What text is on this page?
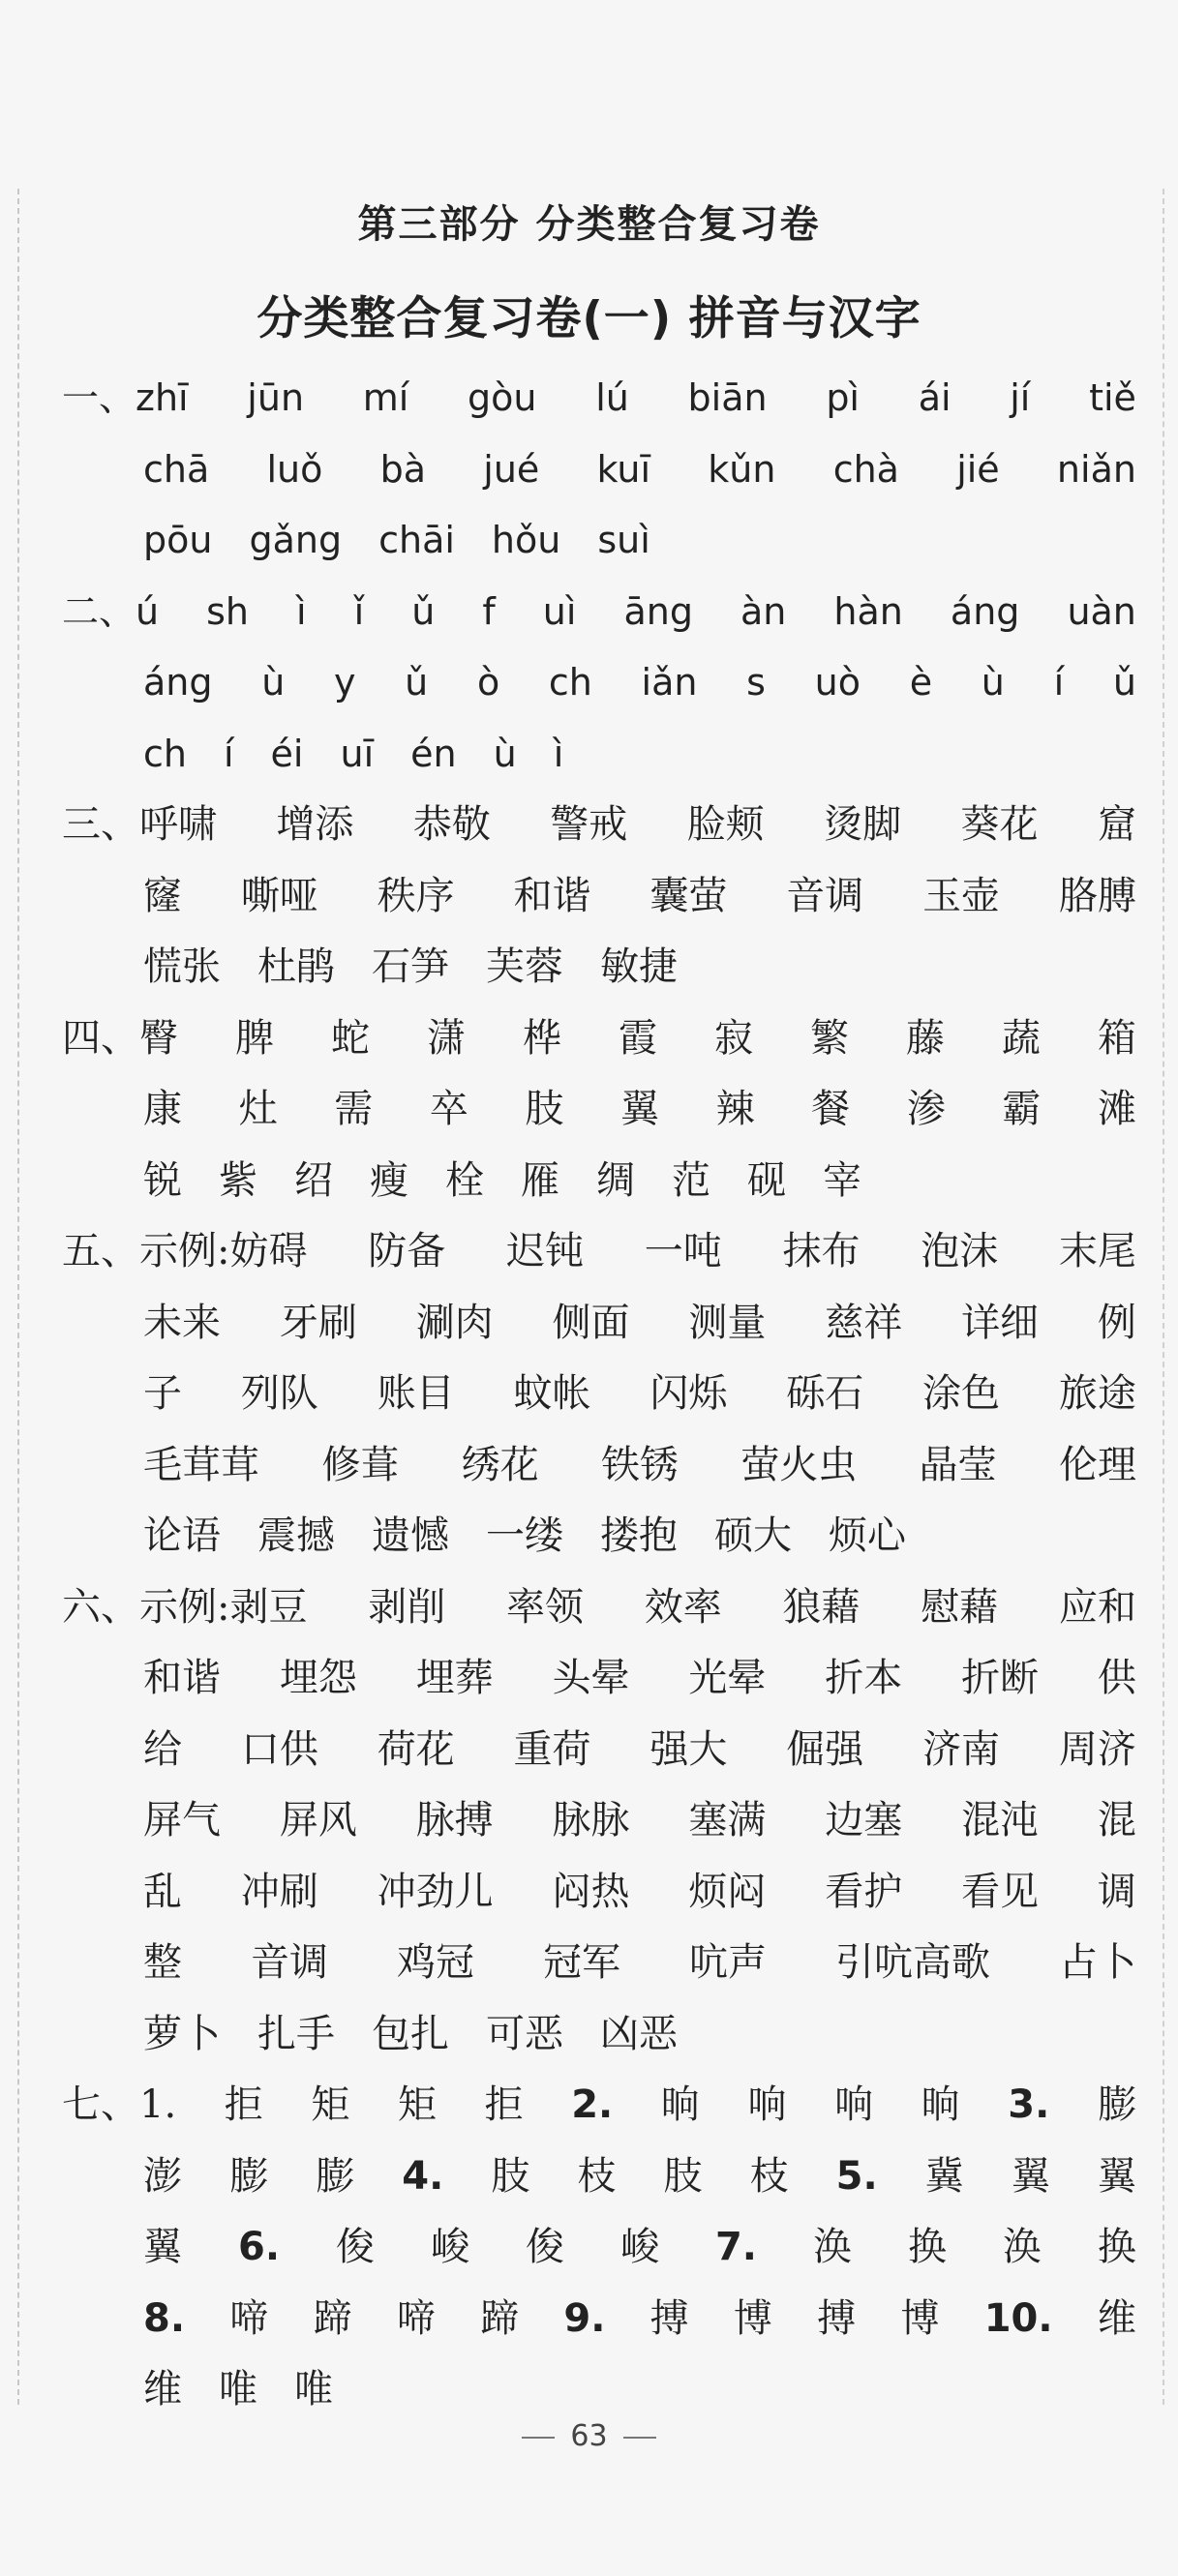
第三部分 分类整合复习卷
分类整合复习卷(一) 拼音与汉字
一、zhī jūn mí gòu lú biān pì ái jí tiě
chā luǒ bà jué kuī kǔn chà jié niǎn
pōu gǎng chāi hǒu suì
二、ú sh ì ǐ ǔ f uì āng àn hàn áng uàn
áng ù y ǔ ò ch iǎn s uò è ù í ǔ
ch í éi uī én ù ì
三、呼啸 增添 恭敬 警戒 脸颊 烫脚 葵花 窟
窿 嘶哑 秩序 和谐 囊萤 音调 玉壶 胳膊
慌张 杜鹃 石笋 芙蓉 敏捷
四、臀 脾 蛇 潇 桦 霞 寂 繁 藤 蔬 箱
康 灶 需 卒 肢 翼 辣 餐 渗 霸 滩
锐 紫 绍 瘦 栓 雁 绸 范 砚 宰
五、示例:妨碍 防备 迟钝 一吨 抹布 泡沫 末尾
未来 牙刷 涮肉 侧面 测量 慈祥 详细 例
子 列队 账目 蚊帐 闪烁 砾石 涂色 旅途
毛茸茸 修葺 绣花 铁锈 萤火虫 晶莹 伦理
论语 震撼 遗憾 一缕 搂抱 硕大 烦心
六、示例:剥豆 剥削 率领 效率 狼藉 慰藉 应和
和谐 埋怨 埋葬 头晕 光晕 折本 折断 供
给 口供 荷花 重荷 强大 倔强 济南 周济
屏气 屏风 脉搏 脉脉 塞满 边塞 混沌 混
乱 冲刷 冲劲儿 闷热 烦闷 看护 看见 调
整 音调 鸡冠 冠军 吭声 引吭高歌 占卜
萝卜 扎手 包扎 可恶 凶恶
七、1. 拒 矩 矩 拒 2. 晌 响 响 晌 3. 膨
澎 膨 膨 4. 肢 枝 肢 枝 5. 冀 翼 翼
翼 6. 俊 峻 俊 峻 7. 涣 换 涣 换
8. 啼 蹄 啼 蹄 9. 搏 博 搏 博 10. 维
维 唯 唯
63
